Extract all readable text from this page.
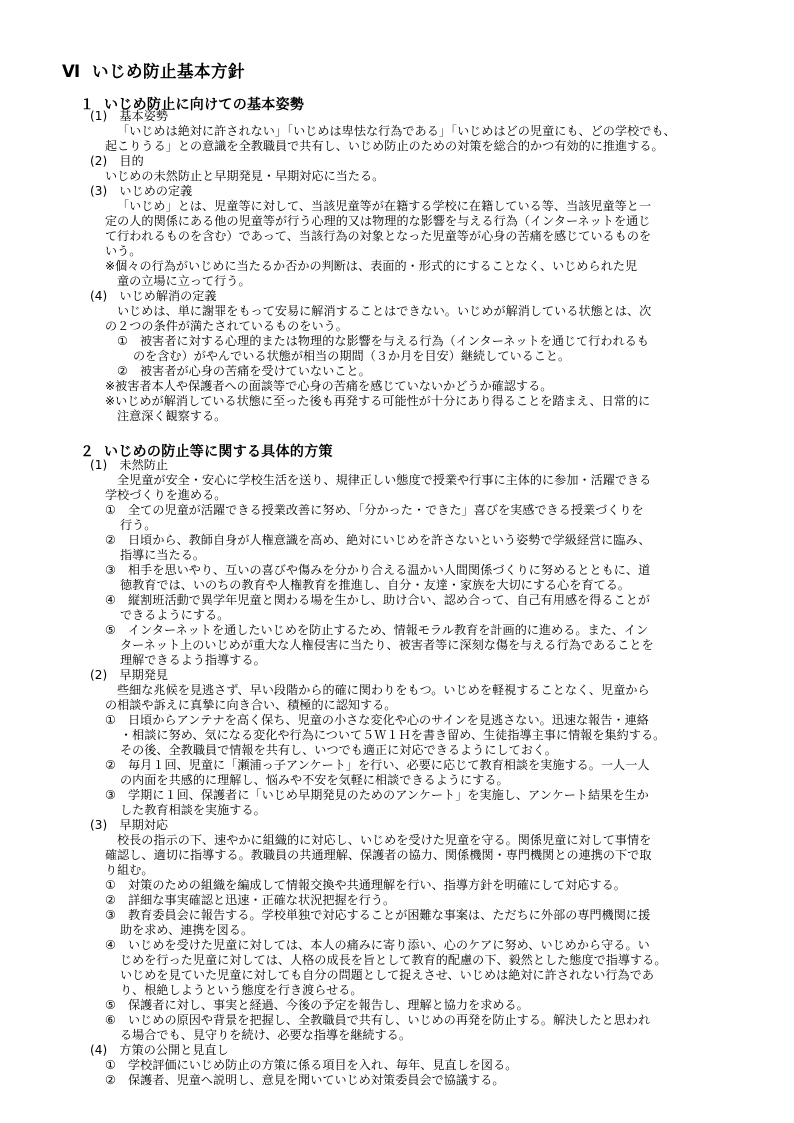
Ⅵ いじめ防止基本方針
１ いじめ防止に向けての基本姿勢

(1)　基本姿勢

「いじめは絶対に許されない」「いじめは卑怯な行為である」「いじめはどの児童にも、どの学校でも、

起こりうる」との意識を全教職員で共有し、いじめ防止のための対策を総合的かつ有効的に推進する。

(2)　目的

いじめの未然防止と早期発見・早期対応に当たる。

(3)　いじめの定義

「いじめ」とは、児童等に対して、当該児童等が在籍する学校に在籍している等、当該児童等と一

定の人的関係にある他の児童等が行う心理的又は物理的な影響を与える行為（インターネットを通じ

て行われるものを含む）であって、当該行為の対象となった児童等が心身の苦痛を感じているものを

いう。

※個々の行為がいじめに当たるか否かの判断は、表面的・形式的にすることなく、いじめられた児

童の立場に立って行う。

(4)　いじめ解消の定義

いじめは、単に謝罪をもって安易に解消することはできない。いじめが解消している状態とは、次

の２つの条件が満たされているものをいう。

①　被害者に対する心理的または物理的な影響を与える行為（インターネットを通じて行われるも

のを含む）がやんでいる状態が相当の期間（３か月を目安）継続していること。

②　被害者が心身の苦痛を受けていないこと。

※被害者本人や保護者への面談等で心身の苦痛を感じていないかどうか確認する。

※いじめが解消している状態に至った後も再発する可能性が十分にあり得ることを踏まえ、日常的に

注意深く観察する。

２ いじめの防止等に関する具体的方策

(1)　未然防止

全児童が安全・安心に学校生活を送り、規律正しい態度で授業や行事に主体的に参加・活躍できる

学校づくりを進める。

①　全ての児童が活躍できる授業改善に努め、「分かった・できた」喜びを実感できる授業づくりを

行う。

②　日頃から、教師自身が人権意識を高め、絶対にいじめを許さないという姿勢で学級経営に臨み、

指導に当たる。

③　相手を思いやり、互いの喜びや傷みを分かり合える温かい人間関係づくりに努めるとともに、道

徳教育では、いのちの教育や人権教育を推進し、自分・友達・家族を大切にする心を育てる。

④　縦割班活動で異学年児童と関わる場を生かし、助け合い、認め合って、自己有用感を得ることが

できるようにする。

⑤　インターネットを通したいじめを防止するため、情報モラル教育を計画的に進める。また、イン

ターネット上のいじめが重大な人権侵害に当たり、被害者等に深刻な傷を与える行為であることを

理解できるよう指導する。

(2)　早期発見

些細な兆候を見逃さず、早い段階から的確に関わりをもつ。いじめを軽視することなく、児童から

の相談や訴えに真摯に向き合い、積極的に認知する。

①　日頃からアンテナを高く保ち、児童の小さな変化や心のサインを見逃さない。迅速な報告・連絡

・相談に努め、気になる変化や行為について５Ｗ１Ｈを書き留め、生徒指導主事に情報を集約する。

その後、全教職員で情報を共有し、いつでも適正に対応できるようにしておく。

②　毎月１回、児童に「瀬浦っ子アンケート」を行い、必要に応じて教育相談を実施する。一人一人

の内面を共感的に理解し、悩みや不安を気軽に相談できるようにする。

③　学期に１回、保護者に「いじめ早期発見のためのアンケート」を実施し、アンケート結果を生か

した教育相談を実施する。

(3)　早期対応

校長の指示の下、速やかに組織的に対応し、いじめを受けた児童を守る。関係児童に対して事情を

確認し、適切に指導する。教職員の共通理解、保護者の協力、関係機関・専門機関との連携の下で取

り組む。

①　対策のための組織を編成して情報交換や共通理解を行い、指導方針を明確にして対応する。

②　詳細な事実確認と迅速・正確な状況把握を行う。

③　教育委員会に報告する。学校単独で対応することが困難な事案は、ただちに外部の専門機関に援

助を求め、連携を図る。

④　いじめを受けた児童に対しては、本人の痛みに寄り添い、心のケアに努め、いじめから守る。い

じめを行った児童に対しては、人格の成長を旨として教育的配慮の下、毅然とした態度で指導する。

いじめを見ていた児童に対しても自分の問題として捉えさせ、いじめは絶対に許されない行為であ

り、根絶しようという態度を行き渡らせる。

⑤　保護者に対し、事実と経過、今後の予定を報告し、理解と協力を求める。

⑥　いじめの原因や背景を把握し、全教職員で共有し、いじめの再発を防止する。解決したと思われ

る場合でも、見守りを続け、必要な指導を継続する。

(4)　方策の公開と見直し

①　学校評価にいじめ防止の方策に係る項目を入れ、毎年、見直しを図る。

②　保護者、児童へ説明し、意見を聞いていじめ対策委員会で協議する。
